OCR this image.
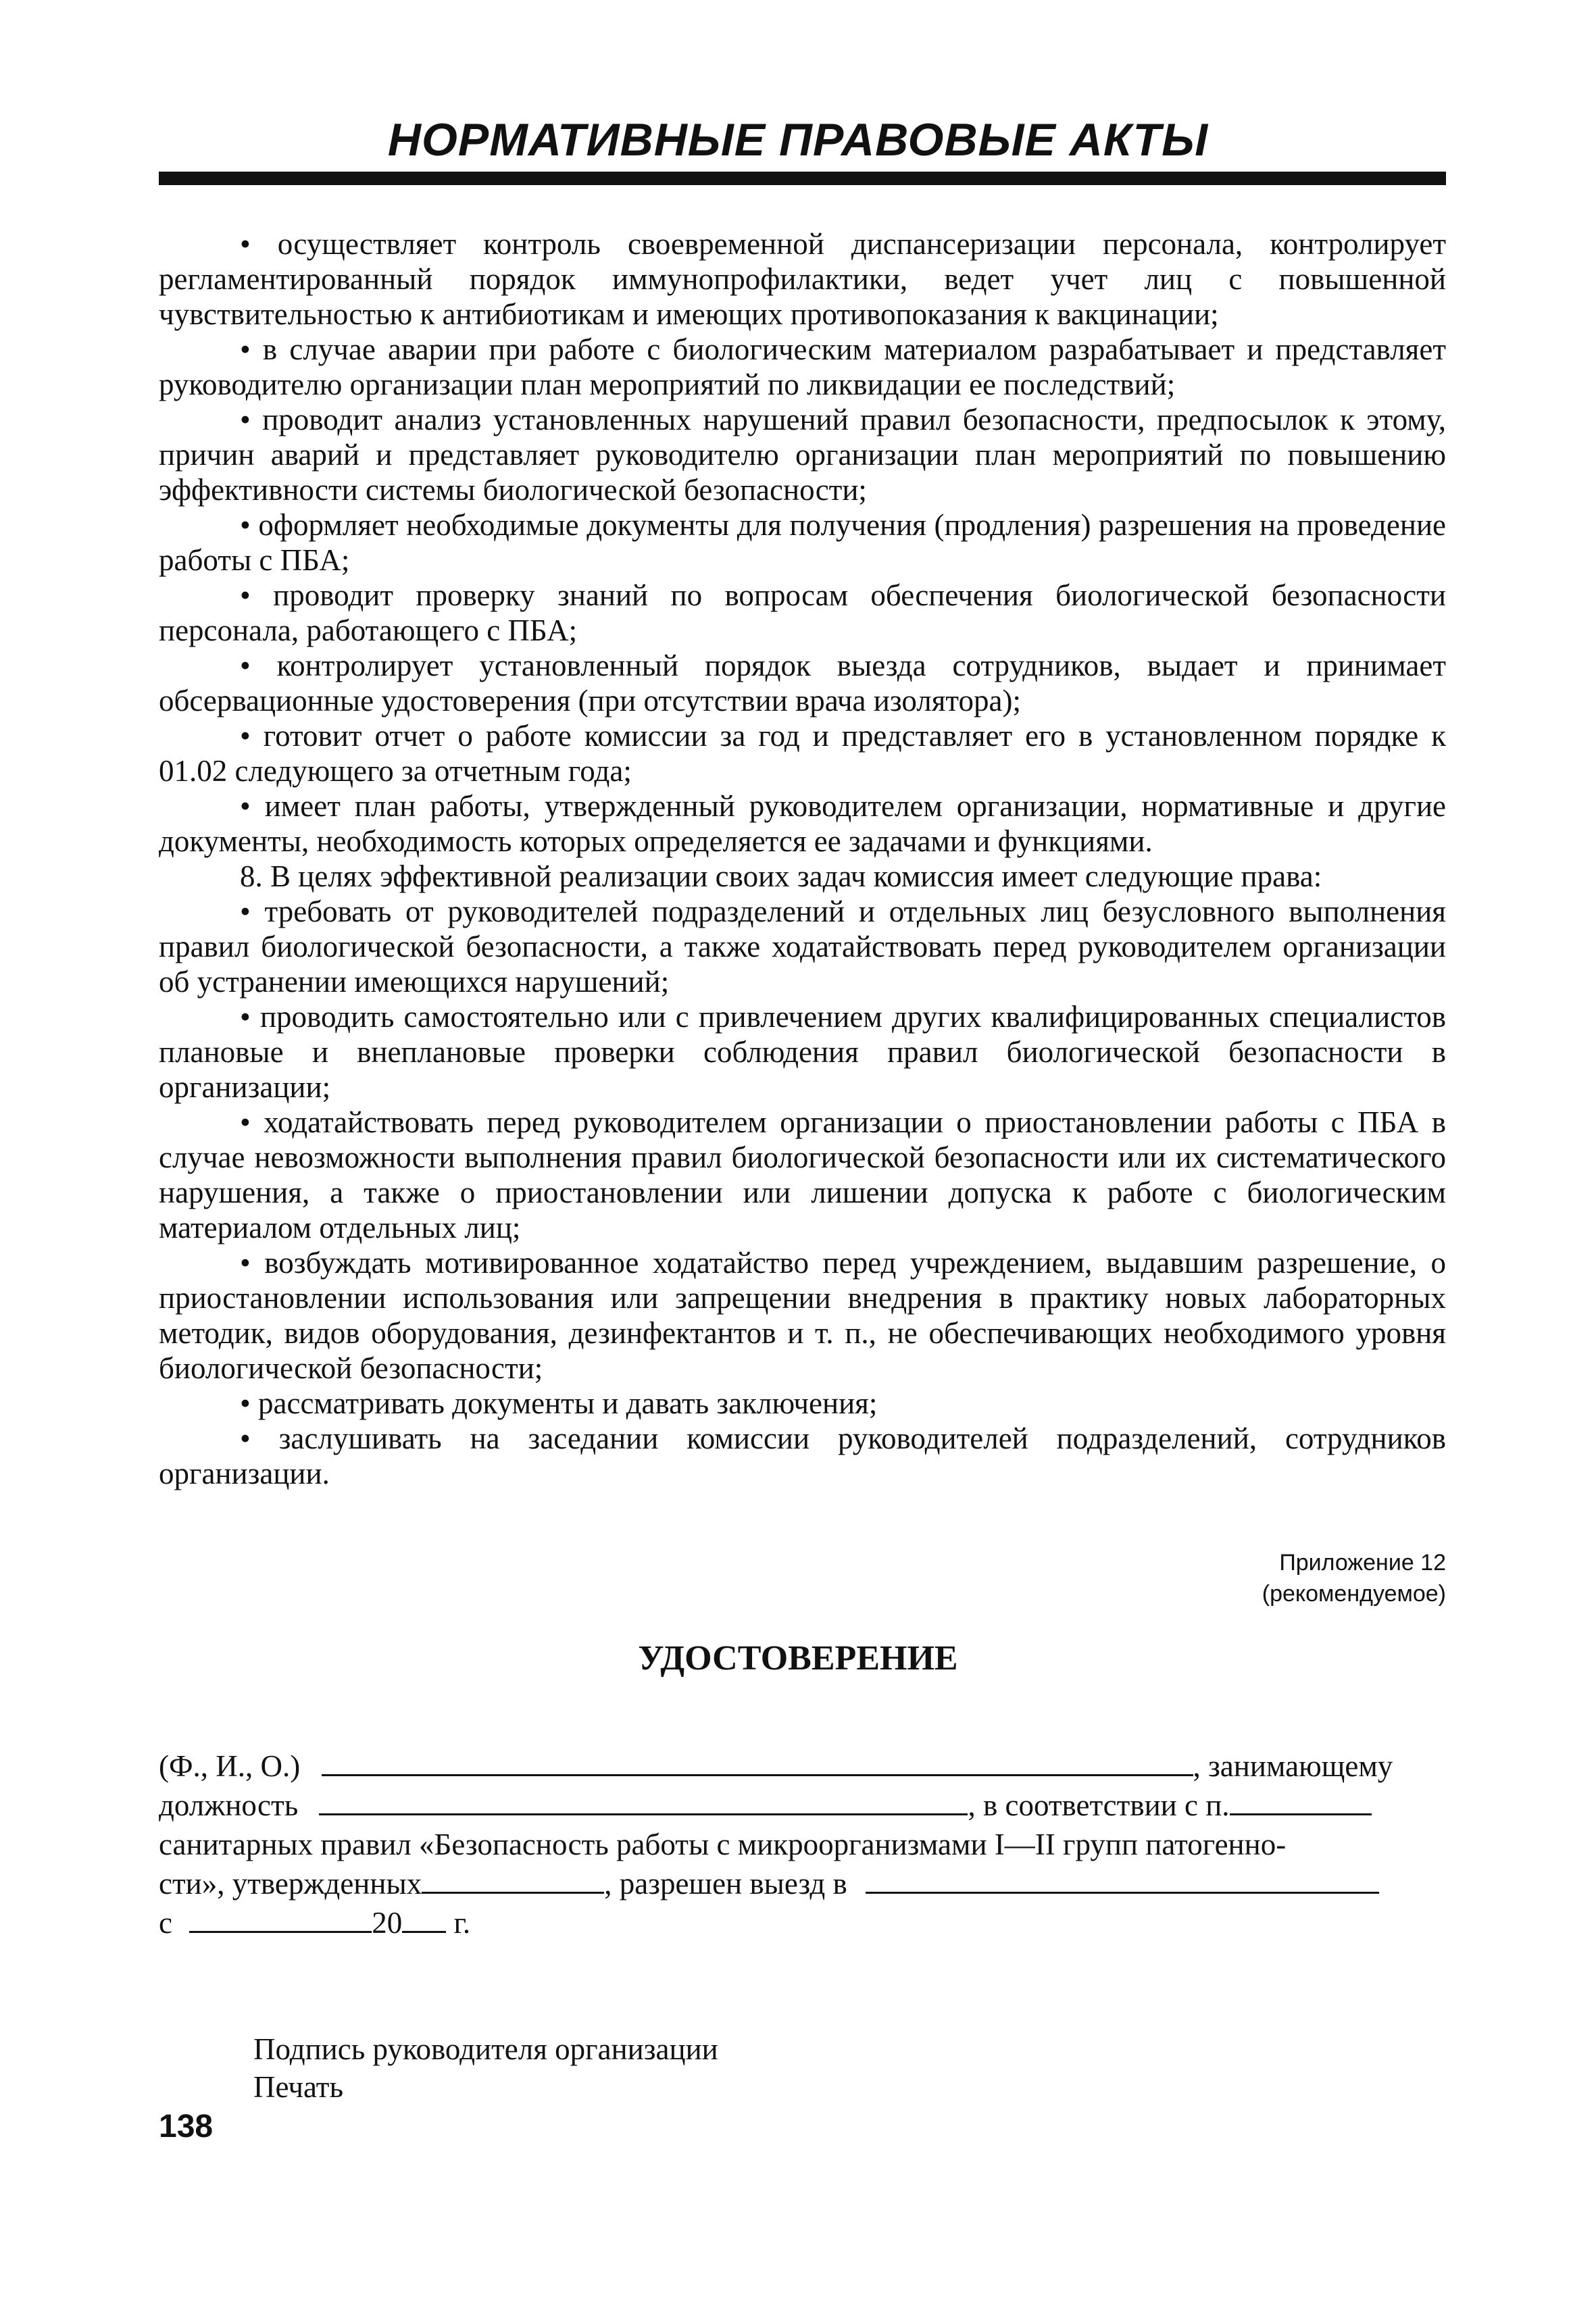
НОРМАТИВНЫЕ ПРАВОВЫЕ АКТЫ

• осуществляет контроль своевременной диспансеризации персонала, контролирует регламентированный порядок иммунопрофилактики, ведет учет лиц с повышенной чувствительностью к антибиотикам и имеющих противопоказания к вакцинации;

• в случае аварии при работе с биологическим материалом разрабатывает и представляет руководителю организации план мероприятий по ликвидации ее последствий;

• проводит анализ установленных нарушений правил безопасности, предпосылок к этому, причин аварий и представляет руководителю организации план мероприятий по повышению эффективности системы биологической безопасности;

• оформляет необходимые документы для получения (продления) разрешения на проведение работы с ПБА;

• проводит проверку знаний по вопросам обеспечения биологической безопасности персонала, работающего с ПБА;

• контролирует установленный порядок выезда сотрудников, выдает и принимает обсервационные удостоверения (при отсутствии врача изолятора);

• готовит отчет о работе комиссии за год и представляет его в установленном порядке к 01.02 следующего за отчетным года;

• имеет план работы, утвержденный руководителем организации, нормативные и другие документы, необходимость которых определяется ее задачами и функциями.

8. В целях эффективной реализации своих задач комиссия имеет следующие права:

• требовать от руководителей подразделений и отдельных лиц безусловного выполнения правил биологической безопасности, а также ходатайствовать перед руководителем организации об устранении имеющихся нарушений;

• проводить самостоятельно или с привлечением других квалифицированных специалистов плановые и внеплановые проверки соблюдения правил биологической безопасности в организации;

• ходатайствовать перед руководителем организации о приостановлении работы с ПБА в случае невозможности выполнения правил биологической безопасности или их систематического нарушения, а также о приостановлении или лишении допуска к работе с биологическим материалом отдельных лиц;

• возбуждать мотивированное ходатайство перед учреждением, выдавшим разрешение, о приостановлении использования или запрещении внедрения в практику новых лабораторных методик, видов оборудования, дезинфектантов и т. п., не обеспечивающих необходимого уровня биологической безопасности;

• рассматривать документы и давать заключения;

• заслушивать на заседании комиссии руководителей подразделений, сотрудников организации.

Приложение 12
(рекомендуемое)
УДОСТОВЕРЕНИЕ
(Ф., И., О.)	, занимающему
должность	, в соответствии с п.
санитарных правил «Безопасность работы с микроорганизмами I—II групп патогенно-
сти», утвержденных	, разрешен выезд в
с	20 г.
Подпись руководителя организации
Печать
138
